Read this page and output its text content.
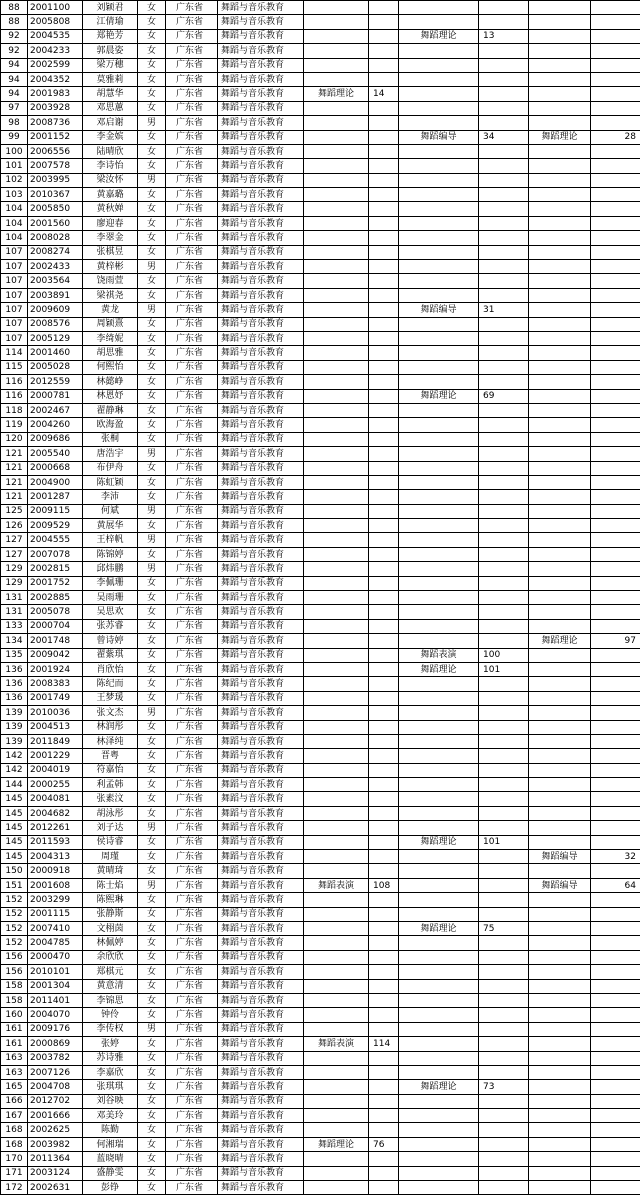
88	2001100	刘颖君	女	广东省	舞蹈与音乐教育						
88	2005808	江倩瑜	女	广东省	舞蹈与音乐教育						
92	2004535	郑艳芳	女	广东省	舞蹈与音乐教育			舞蹈理论	13		
92	2004233	郭晨姿	女	广东省	舞蹈与音乐教育						
94	2002599	梁万穗	女	广东省	舞蹈与音乐教育						
94	2004352	莫雅莉	女	广东省	舞蹈与音乐教育						
94	2001983	胡慧华	女	广东省	舞蹈与音乐教育	舞蹈理论	14				
97	2003928	邓思蕙	女	广东省	舞蹈与音乐教育						
98	2008736	邓启谢	男	广东省	舞蹈与音乐教育						
99	2001152	李金嫔	女	广东省	舞蹈与音乐教育			舞蹈编导	34	舞蹈理论	28
100	2006556	陆晴欣	女	广东省	舞蹈与音乐教育						
101	2007578	李诗怡	女	广东省	舞蹈与音乐教育						
102	2003995	梁汝怀	男	广东省	舞蹈与音乐教育						
103	2010367	黄嘉璐	女	广东省	舞蹈与音乐教育						
104	2005850	黄秋婵	女	广东省	舞蹈与音乐教育						
104	2001560	廖迎春	女	广东省	舞蹈与音乐教育						
104	2008028	李翠金	女	广东省	舞蹈与音乐教育						
107	2008274	张棋昱	女	广东省	舞蹈与音乐教育						
107	2002433	黄梓彬	男	广东省	舞蹈与音乐教育						
107	2003564	饶雨萱	女	广东省	舞蹈与音乐教育						
107	2003891	梁祺尧	女	广东省	舞蹈与音乐教育						
107	2009609	黄龙	男	广东省	舞蹈与音乐教育			舞蹈编导	31		
107	2008576	周颖熹	女	广东省	舞蹈与音乐教育						
107	2005129	李绮妮	女	广东省	舞蹈与音乐教育						
114	2001460	胡思雅	女	广东省	舞蹈与音乐教育						
115	2005028	何熙怡	女	广东省	舞蹈与音乐教育						
116	2012559	林懿峥	女	广东省	舞蹈与音乐教育						
116	2000781	林恩妤	女	广东省	舞蹈与音乐教育			舞蹈理论	69		
118	2002467	翟静琳	女	广东省	舞蹈与音乐教育						
119	2004260	欧海盈	女	广东省	舞蹈与音乐教育						
120	2009686	张桐	女	广东省	舞蹈与音乐教育						
121	2005540	唐浩宇	男	广东省	舞蹈与音乐教育						
121	2000668	布伊舟	女	广东省	舞蹈与音乐教育						
121	2004900	陈虹颖	女	广东省	舞蹈与音乐教育						
121	2001287	李沛	女	广东省	舞蹈与音乐教育						
125	2009115	何斌	男	广东省	舞蹈与音乐教育						
126	2009529	黄展华	女	广东省	舞蹈与音乐教育						
127	2004555	王梓帆	男	广东省	舞蹈与音乐教育						
127	2007078	陈锦婷	女	广东省	舞蹈与音乐教育						
129	2002815	邱炜鹏	男	广东省	舞蹈与音乐教育						
129	2001752	李佩珊	女	广东省	舞蹈与音乐教育						
131	2002885	吴雨珊	女	广东省	舞蹈与音乐教育						
131	2005078	吴思欢	女	广东省	舞蹈与音乐教育						
133	2000704	张苏睿	女	广东省	舞蹈与音乐教育						
134	2001748	曾诗婷	女	广东省	舞蹈与音乐教育					舞蹈理论	97
135	2009042	翟紫琪	女	广东省	舞蹈与音乐教育			舞蹈表演	100		
136	2001924	肖欣怡	女	广东省	舞蹈与音乐教育			舞蹈理论	101		
136	2008383	陈纪而	女	广东省	舞蹈与音乐教育						
136	2001749	王梦瑗	女	广东省	舞蹈与音乐教育						
139	2010036	张文杰	男	广东省	舞蹈与音乐教育						
139	2004513	林润彤	女	广东省	舞蹈与音乐教育						
139	2011849	林泽纯	女	广东省	舞蹈与音乐教育						
142	2001229	晋粤	女	广东省	舞蹈与音乐教育						
142	2004019	符嘉怡	女	广东省	舞蹈与音乐教育						
144	2000255	利孟韩	女	广东省	舞蹈与音乐教育						
145	2004081	张素汶	女	广东省	舞蹈与音乐教育						
145	2004682	胡泳彤	女	广东省	舞蹈与音乐教育						
145	2012261	刘子达	男	广东省	舞蹈与音乐教育						
145	2011593	侯诗睿	女	广东省	舞蹈与音乐教育			舞蹈理论	101		
145	2004313	周瑾	女	广东省	舞蹈与音乐教育					舞蹈编导	32
150	2000918	黄晴琦	女	广东省	舞蹈与音乐教育						
151	2001608	陈士焰	男	广东省	舞蹈与音乐教育	舞蹈表演	108			舞蹈编导	64
152	2003299	陈熙琳	女	广东省	舞蹈与音乐教育						
152	2001115	张静斯	女	广东省	舞蹈与音乐教育						
152	2007410	文栩茵	女	广东省	舞蹈与音乐教育			舞蹈理论	75		
152	2004785	林佩婷	女	广东省	舞蹈与音乐教育						
156	2000470	余欣欣	女	广东省	舞蹈与音乐教育						
156	2010101	郑棋元	女	广东省	舞蹈与音乐教育						
158	2001304	黄意清	女	广东省	舞蹈与音乐教育						
158	2011401	李锦思	女	广东省	舞蹈与音乐教育						
160	2004070	钟伶	女	广东省	舞蹈与音乐教育						
161	2009176	李传权	男	广东省	舞蹈与音乐教育						
161	2000869	张婷	女	广东省	舞蹈与音乐教育	舞蹈表演	114				
163	2003782	苏诗雅	女	广东省	舞蹈与音乐教育						
163	2007126	李嘉欣	女	广东省	舞蹈与音乐教育						
165	2004708	张琪琪	女	广东省	舞蹈与音乐教育			舞蹈理论	73		
166	2012702	刘谷映	女	广东省	舞蹈与音乐教育						
167	2001666	邓美玲	女	广东省	舞蹈与音乐教育						
168	2002625	陈勤	女	广东省	舞蹈与音乐教育						
168	2003982	何湘瑞	女	广东省	舞蹈与音乐教育	舞蹈理论	76				
170	2011364	蓝晓晴	女	广东省	舞蹈与音乐教育						
171	2003124	盛静雯	女	广东省	舞蹈与音乐教育						
172	2002631	彭铮	女	广东省	舞蹈与音乐教育						
